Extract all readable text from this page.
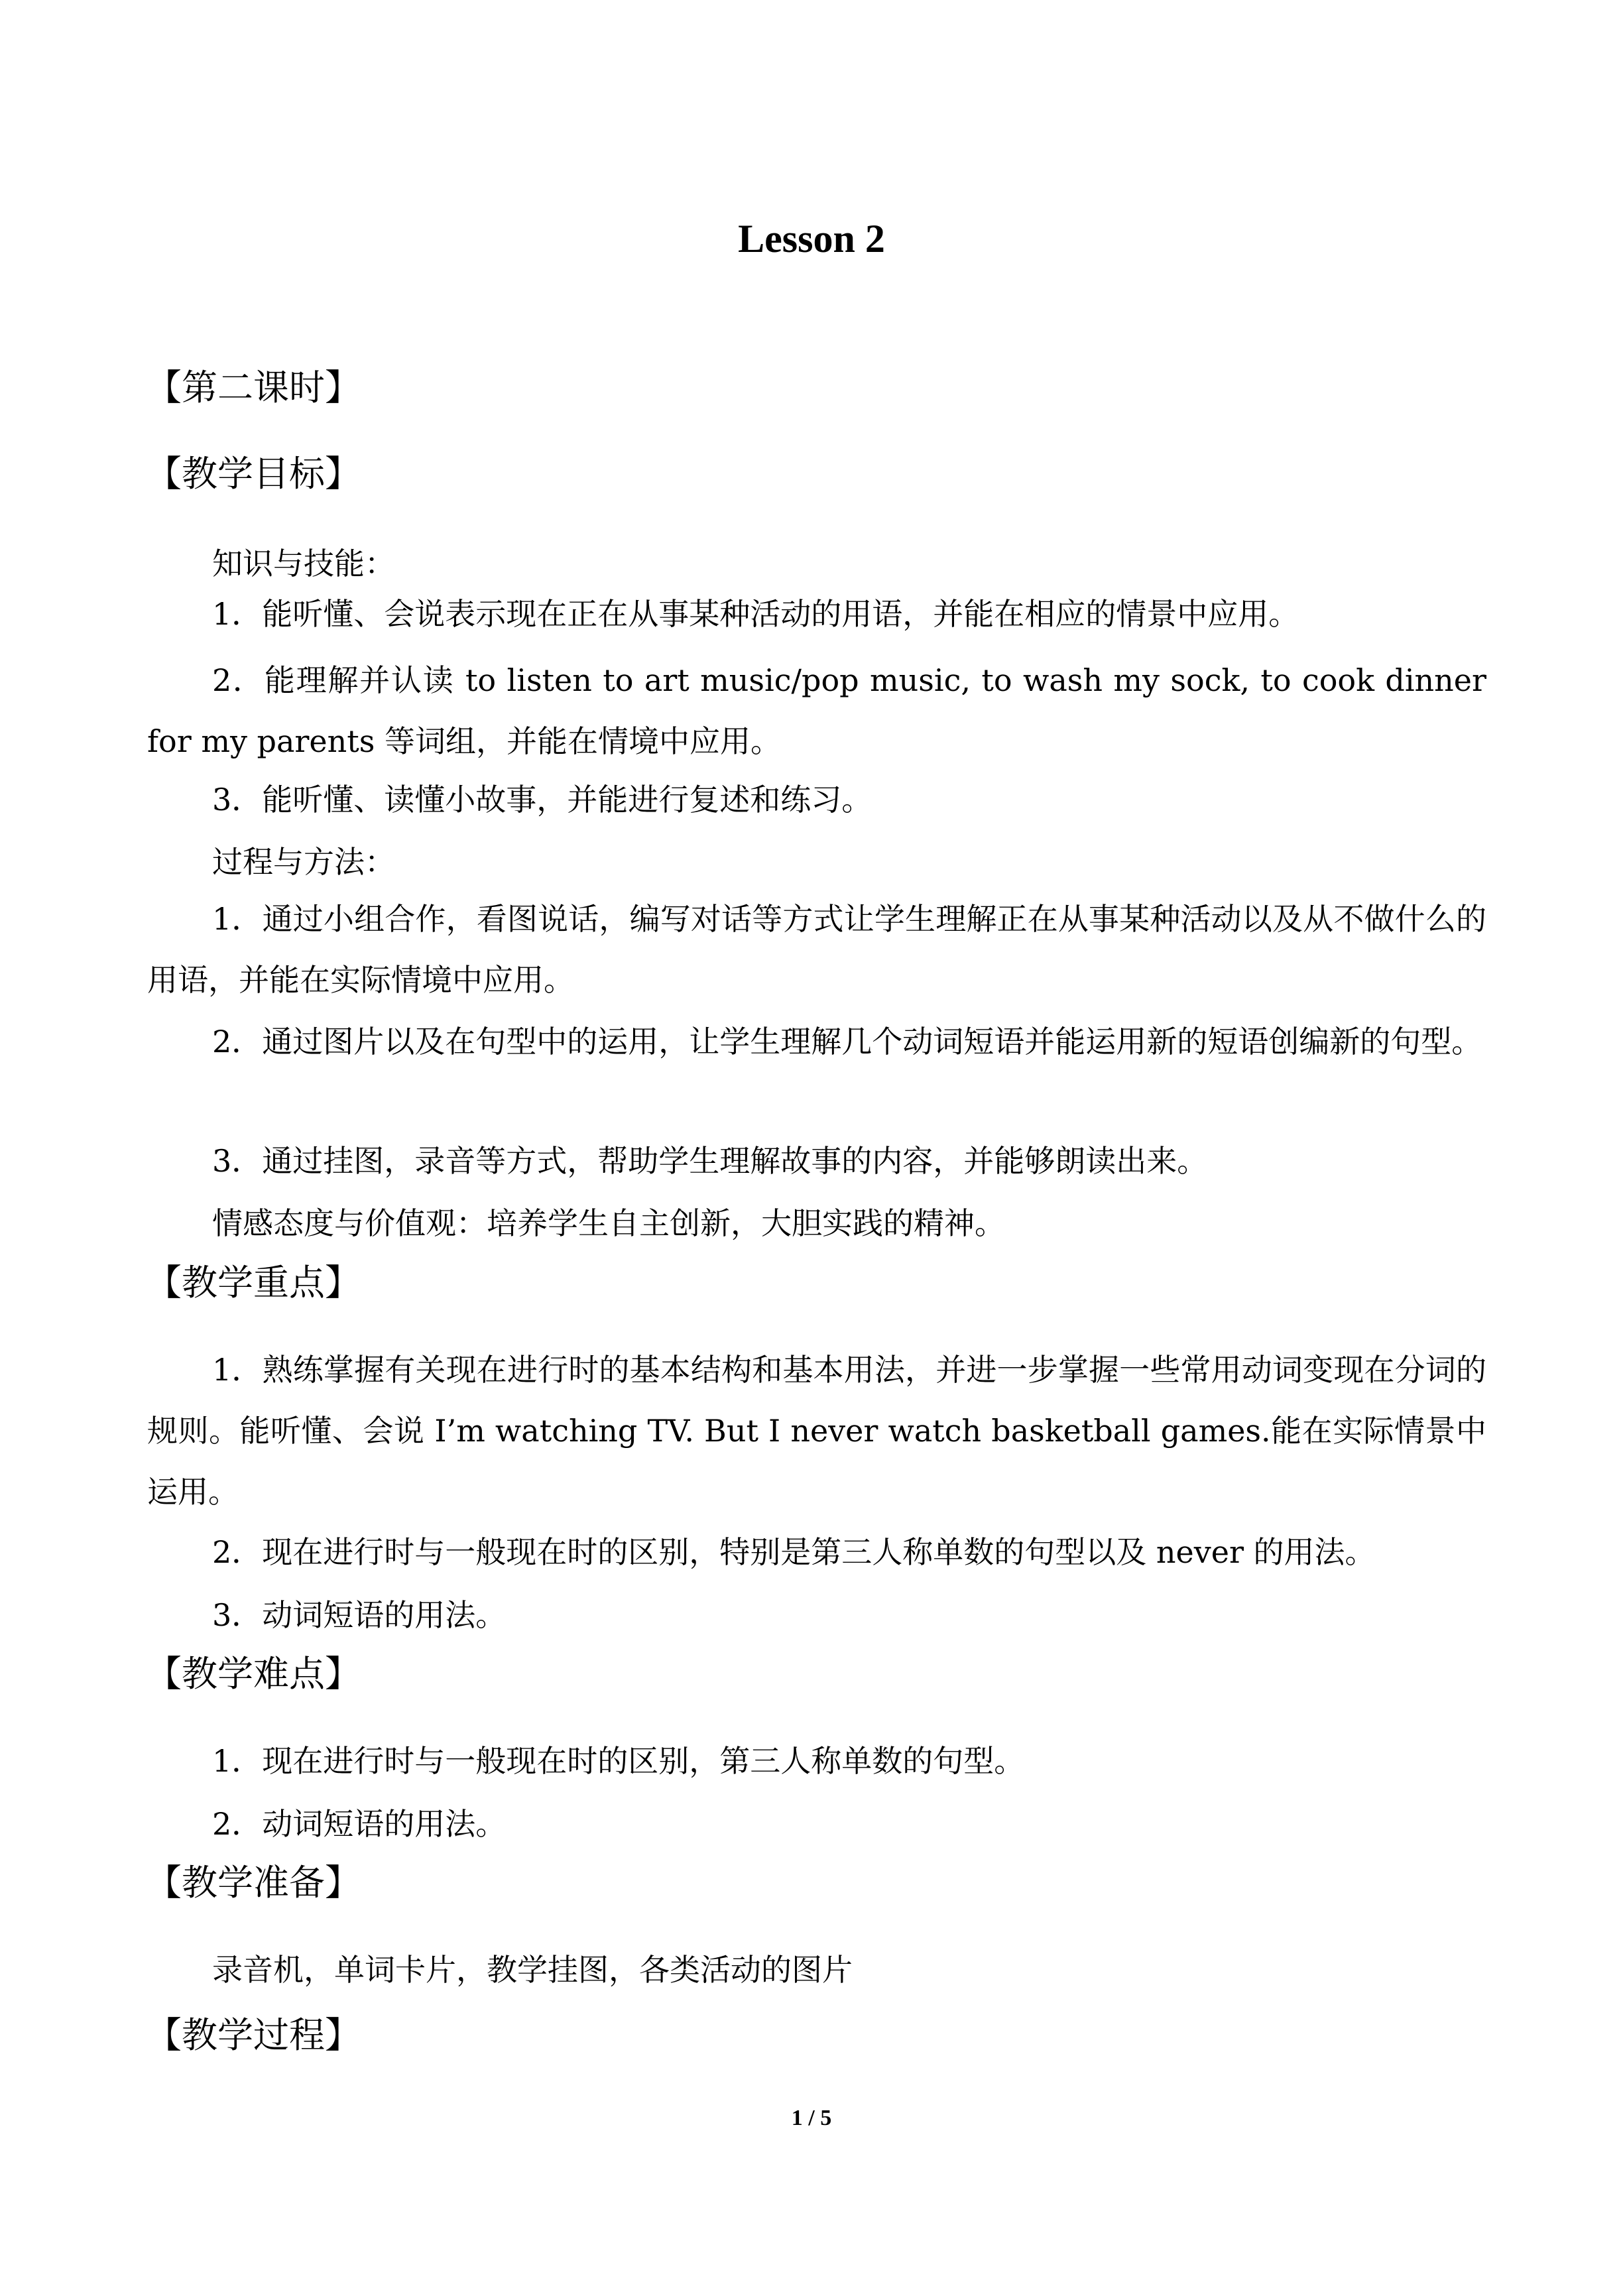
Lesson 2
【第二课时】
【教学目标】
知识与技能：
1．能听懂、会说表示现在正在从事某种活动的用语，并能在相应的情景中应用。
2．能理解并认读 to listen to art music/pop music, to wash my sock, to cook dinner for my parents 等词组，并能在情境中应用。
3．能听懂、读懂小故事，并能进行复述和练习。
过程与方法：
1．通过小组合作，看图说话，编写对话等方式让学生理解正在从事某种活动以及从不做什么的用语，并能在实际情境中应用。
2．通过图片以及在句型中的运用，让学生理解几个动词短语并能运用新的短语创编新的句型。
3．通过挂图，录音等方式，帮助学生理解故事的内容，并能够朗读出来。
情感态度与价值观：培养学生自主创新，大胆实践的精神。
【教学重点】
1．熟练掌握有关现在进行时的基本结构和基本用法，并进一步掌握一些常用动词变现在分词的规则。能听懂、会说 I’m watching TV. But I never watch basketball games.能在实际情景中运用。
2．现在进行时与一般现在时的区别，特别是第三人称单数的句型以及 never 的用法。
3．动词短语的用法。
【教学难点】
1．现在进行时与一般现在时的区别，第三人称单数的句型。
2．动词短语的用法。
【教学准备】
录音机，单词卡片，教学挂图，各类活动的图片
【教学过程】
1 / 5
